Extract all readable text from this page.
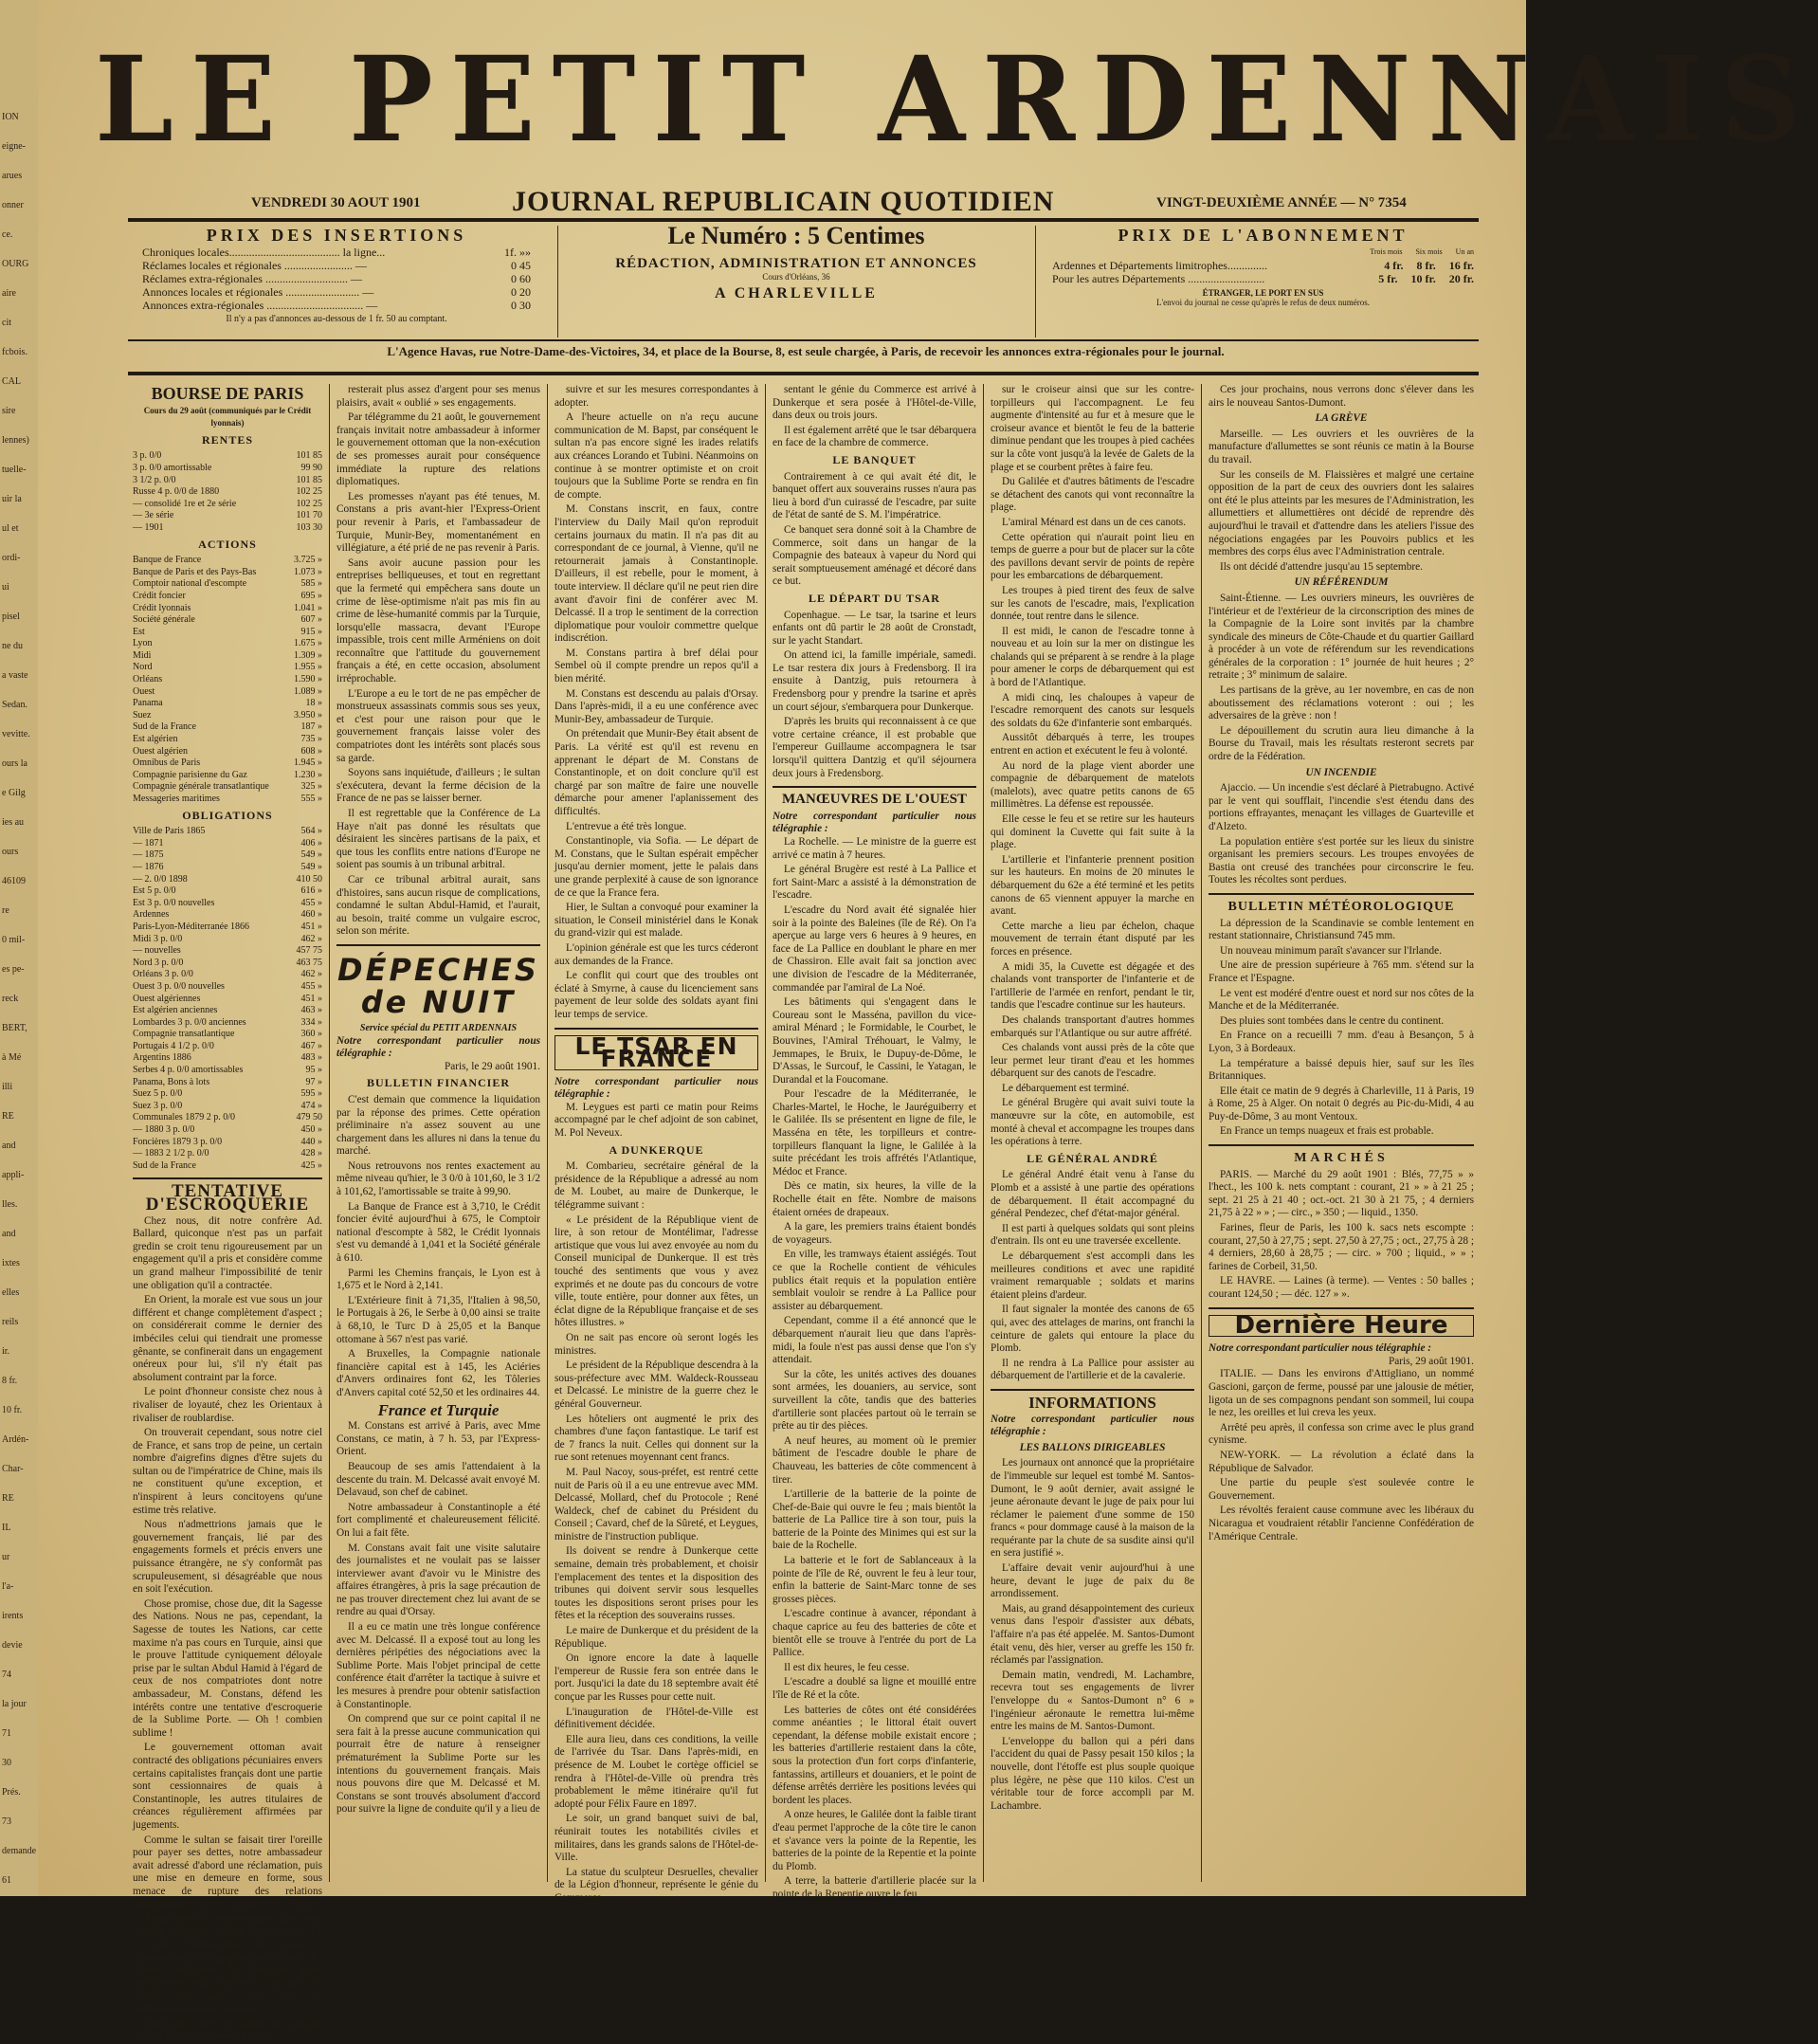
ION
eigne-
arues
onner
ce.
OURG
aire
cit
fcbois.
CAL
sire
lennes)
tuelle-
uir la
ul et
ordi-
ui
pisel
ne du
a vaste
Sedan.
vevitte.
ours la
e Gilg
ies au
ours
46109
re
0 mil-
es pe-
reck
BERT,
à Mé
illi
RE
and
appli-
lles.
and
ixtes
elles
reils
ir.
8 fr.
10 fr.
Ardén-
Char-
RE
IL
ur
l'a-
irents
devie
74
la jour
71
30
Prés.
73
demande
61
LE PETIT ARDENNAIS
VENDREDI 30 AOUT 1901	JOURNAL REPUBLICAIN QUOTIDIEN	VINGT-DEUXIÈME ANNÉE — N° 7354
PRIX DES INSERTIONS
Chroniques locales....................................... la ligne...	1f. »»
Réclames locales et régionales ........................ —	0 45
Réclames extra-régionales ............................. —	0 60
Annonces locales et régionales .......................... —	0 20
Annonces extra-régionales .................................. —	0 30
Il n'y a pas d'annonces au-dessous de 1 fr. 50 au comptant.
Le Numéro : 5 Centimes
RÉDACTION, ADMINISTRATION ET ANNONCES
Cours d'Orléans, 36
A CHARLEVILLE
PRIX DE L'ABONNEMENT
Trois mois Six mois Un an
Ardennes et Départements limitrophes..............	4 fr. 8 fr. 16 fr.
Pour les autres Départements ...........................	5 fr. 10 fr. 20 fr.
ÉTRANGER, LE PORT EN SUS
L'envoi du journal ne cesse qu'après le refus de deux numéros.
L'Agence Havas, rue Notre-Dame-des-Victoires, 34, et place de la Bourse, 8, est seule chargée, à Paris, de recevoir les annonces extra-régionales pour le journal.
BOURSE DE PARIS
Cours du 29 août (communiqués par le Crédit lyonnais)
RENTES
3 p. 0/0	101 85
3 p. 0/0 amortissable	99 90
3 1/2 p. 0/0	101 85
Russe 4 p. 0/0 de 1880	102 25
— consolidé 1re et 2e série	102 25
— 3e série	101 70
— 1901	103 30
ACTIONS
Banque de France	3.725 »
Banque de Paris et des Pays-Bas	1.073 »
Comptoir national d'escompte	585 »
Crédit foncier	695 »
Crédit lyonnais	1.041 »
Société générale	607 »
Est	915 »
Lyon	1.675 »
Midi	1.309 »
Nord	1.955 »
Orléans	1.590 »
Ouest	1.089 »
Panama	18 »
Suez	3.950 »
Sud de la France	187 »
Est algérien	735 »
Ouest algérien	608 »
Omnibus de Paris	1.945 »
Compagnie parisienne du Gaz	1.230 »
Compagnie générale transatlantique	325 »
Messageries maritimes	555 »
OBLIGATIONS
Ville de Paris 1865	564 »
— 1871	406 »
— 1875	549 »
— 1876	549 »
— 2. 0/0 1898	410 50
Est 5 p. 0/0	616 »
Est 3 p. 0/0 nouvelles	455 »
Ardennes	460 »
Paris-Lyon-Méditerranée 1866	451 »
Midi 3 p. 0/0	462 »
— nouvelles	457 75
Nord 3 p. 0/0	463 75
Orléans 3 p. 0/0	462 »
Ouest 3 p. 0/0 nouvelles	455 »
Ouest algériennes	451 »
Est algérien anciennes	463 »
Lombardes 3 p. 0/0 anciennes	334 »
Compagnie transatlantique	360 »
Portugais 4 1/2 p. 0/0	467 »
Argentins 1886	483 »
Serbes 4 p. 0/0 amortissables	95 »
Panama, Bons à lots	97 »
Suez 5 p. 0/0	595 »
Suez 3 p. 0/0	474 »
Communales 1879 2 p. 0/0	479 50
— 1880 3 p. 0/0	450 »
Foncières 1879 3 p. 0/0	440 »
— 1883 2 1/2 p. 0/0	428 »
Sud de la France	425 »
TENTATIVE D'ESCROQUERIE

Chez nous, dit notre confrère Ad. Ballard, quiconque n'est pas un parfait gredin se croit tenu rigoureusement par un engagement qu'il a pris et considère comme un grand malheur l'impossibilité de tenir une obligation qu'il a contractée.

En Orient, la morale est vue sous un jour différent et change complètement d'aspect ; on considérerait comme le dernier des imbéciles celui qui tiendrait une promesse gênante, se confinerait dans un engagement onéreux pour lui, s'il n'y était pas absolument contraint par la force.

Le point d'honneur consiste chez nous à rivaliser de loyauté, chez les Orientaux à rivaliser de roublardise.

On trouverait cependant, sous notre ciel de France, et sans trop de peine, un certain nombre d'aigrefins dignes d'être sujets du sultan ou de l'impératrice de Chine, mais ils ne constituent qu'une exception, et n'inspirent à leurs concitoyens qu'une estime très relative.

Nous n'admettrions jamais que le gouvernement français, lié par des engagements formels et précis envers une puissance étrangère, ne s'y conformât pas scrupuleusement, si désagréable que nous en soit l'exécution.

Chose promise, chose due, dit la Sagesse des Nations. Nous ne pas, cependant, la Sagesse de toutes les Nations, car cette maxime n'a pas cours en Turquie, ainsi que le prouve l'attitude cyniquement déloyale prise par le sultan Abdul Hamid à l'égard de ceux de nos compatriotes dont notre ambassadeur, M. Constans, défend les intérêts contre une tentative d'escroquerie de la Sublime Porte. — Oh ! combien sublime !

Le gouvernement ottoman avait contracté des obligations pécuniaires envers certains capitalistes français dont une partie sont cessionnaires de quais à Constantinople, les autres titulaires de créances régulièrement affirmées par jugements.

Comme le sultan se faisait tirer l'oreille pour payer ses dettes, notre ambassadeur avait adressé d'abord une réclamation, puis une mise en demeure en forme, sous menace de rupture des relations diplomatiques entre la Turquie et la France.

Abdul-Hamid, impressionné par cette attitude énergique, promit de s'exécuter. Le 17 août, l'ambassadeur de France à Constantinople télégraphiait au ministre des affaires étrangères, M. Delcassé, qu'un arrangement était intervenu, tant pour le rachat des quais, que pour le remboursement des créances.

Deux jours après, le sultan ture, pensant que s'il payait ses dettes, il ne lui

resterait plus assez d'argent pour ses menus plaisirs, avait « oublié » ses engagements.

Par télégramme du 21 août, le gouvernement français invitait notre ambassadeur à informer le gouvernement ottoman que la non-exécution de ses promesses aurait pour conséquence immédiate la rupture des relations diplomatiques.

Les promesses n'ayant pas été tenues, M. Constans a pris avant-hier l'Express-Orient pour revenir à Paris, et l'ambassadeur de Turquie, Munir-Bey, momentanément en villégiature, a été prié de ne pas revenir à Paris.

Sans avoir aucune passion pour les entreprises belliqueuses, et tout en regrettant que la fermeté qui empêchera sans doute un crime de lèse-optimisme n'ait pas mis fin au crime de lèse-humanité commis par la Turquie, lorsqu'elle massacra, devant l'Europe impassible, trois cent mille Arméniens on doit reconnaître que l'attitude du gouvernement français a été, en cette occasion, absolument irréprochable.

L'Europe a eu le tort de ne pas empêcher de monstrueux assassinats commis sous ses yeux, et c'est pour une raison pour que le gouvernement français laisse voler des compatriotes dont les intérêts sont placés sous sa garde.

Soyons sans inquiétude, d'ailleurs ; le sultan s'exécutera, devant la ferme décision de la France de ne pas se laisser berner.

Il est regrettable que la Conférence de La Haye n'ait pas donné les résultats que désiraient les sincères partisans de la paix, et que tous les conflits entre nations d'Europe ne soient pas soumis à un tribunal arbitral.

Car ce tribunal arbitral aurait, sans d'histoires, sans aucun risque de complications, condamné le sultan Abdul-Hamid, et l'aurait, au besoin, traité comme un vulgaire escroc, selon son mérite.

DÉPECHES de NUIT
Service spécial du PETIT ARDENNAIS
Notre correspondant particulier nous télégraphie :
Paris, le 29 août 1901.
BULLETIN FINANCIER

C'est demain que commence la liquidation par la réponse des primes. Cette opération préliminaire n'a assez souvent au une chargement dans les allures ni dans la tenue du marché.

Nous retrouvons nos rentes exactement au même niveau qu'hier, le 3 0/0 à 101,60, le 3 1/2 à 101,62, l'amortissable se traite à 99,90.

La Banque de France est à 3,710, le Crédit foncier évité aujourd'hui à 675, le Comptoir national d'escompte à 582, le Crédit lyonnais s'est vu demandé à 1,041 et la Société générale à 610.

Parmi les Chemins français, le Lyon est à 1,675 et le Nord à 2,141.

L'Extérieure finit à 71,35, l'Italien à 98,50, le Portugais à 26, le Serbe à 0,00 ainsi se traite à 68,10, le Turc D à 25,05 et la Banque ottomane à 567 n'est pas varié.

A Bruxelles, la Compagnie nationale financière capital est à 145, les Aciéries d'Anvers ordinaires font 62, les Tôleries d'Anvers capital coté 52,50 et les ordinaires 44.

France et Turquie

M. Constans est arrivé à Paris, avec Mme Constans, ce matin, à 7 h. 53, par l'Express-Orient.

Beaucoup de ses amis l'attendaient à la descente du train. M. Delcassé avait envoyé M. Delavaud, son chef de cabinet.

Notre ambassadeur à Constantinople a été fort complimenté et chaleureusement félicité. On lui a fait fête.

M. Constans avait fait une visite salutaire des journalistes et ne voulait pas se laisser interviewer avant d'avoir vu le Ministre des affaires étrangères, à pris la sage précaution de ne pas trouver directement chez lui avant de se rendre au quai d'Orsay.

Il a eu ce matin une très longue conférence avec M. Delcassé. Il a exposé tout au long les dernières péripéties des négociations avec la Sublime Porte. Mais l'objet principal de cette conférence était d'arrêter la tactique à suivre et les mesures à prendre pour obtenir satisfaction à Constantinople.

On comprend que sur ce point capital il ne sera fait à la presse aucune communication qui pourrait être de nature à renseigner prématurément la Sublime Porte sur les intentions du gouvernement français. Mais nous pouvons dire que M. Delcassé et M. Constans se sont trouvés absolument d'accord pour suivre la ligne de conduite qu'il y a lieu de

suivre et sur les mesures correspondantes à adopter.

A l'heure actuelle on n'a reçu aucune communication de M. Bapst, par conséquent le sultan n'a pas encore signé les irades relatifs aux créances Lorando et Tubini. Néanmoins on continue à se montrer optimiste et on croit toujours que la Sublime Porte se rendra en fin de compte.

M. Constans inscrit, en faux, contre l'interview du Daily Mail qu'on reproduit certains journaux du matin. Il n'a pas dit au correspondant de ce journal, à Vienne, qu'il ne retournerait jamais à Constantinople. D'ailleurs, il est rebelle, pour le moment, à toute interview. Il déclare qu'il ne peut rien dire avant d'avoir fini de conférer avec M. Delcassé. Il a trop le sentiment de la correction diplomatique pour vouloir commettre quelque indiscrétion.

M. Constans partira à bref délai pour Sembel où il compte prendre un repos qu'il a bien mérité.

M. Constans est descendu au palais d'Orsay. Dans l'après-midi, il a eu une conférence avec Munir-Bey, ambassadeur de Turquie.

On prétendait que Munir-Bey était absent de Paris. La vérité est qu'il est revenu en apprenant le départ de M. Constans de Constantinople, et on doit conclure qu'il est chargé par son maître de faire une nouvelle démarche pour amener l'aplanissement des difficultés.

L'entrevue a été très longue.

Constantinople, via Sofia. — Le départ de M. Constans, que le Sultan espérait empêcher jusqu'au dernier moment, jette le palais dans une grande perplexité à cause de son ignorance de ce que la France fera.

Hier, le Sultan a convoqué pour examiner la situation, le Conseil ministériel dans le Konak du grand-vizir qui est malade.

L'opinion générale est que les turcs céderont aux demandes de la France.

Le conflit qui court que des troubles ont éclaté à Smyrne, à cause du licenciement sans payement de leur solde des soldats ayant fini leur temps de service.

LE TSAR EN FRANCE
Notre correspondant particulier nous télégraphie :

M. Leygues est parti ce matin pour Reims accompagné par le chef adjoint de son cabinet, M. Pol Neveux.

A DUNKERQUE

M. Combarieu, secrétaire général de la présidence de la République a adressé au nom de M. Loubet, au maire de Dunkerque, le télégramme suivant :

« Le président de la République vient de lire, à son retour de Montélimar, l'adresse artistique que vous lui avez envoyée au nom du Conseil municipal de Dunkerque. Il est très touché des sentiments que vous y avez exprimés et ne doute pas du concours de votre ville, toute entière, pour donner aux fêtes, un éclat digne de la République française et de ses hôtes illustres. »

On ne sait pas encore où seront logés les ministres.

Le président de la République descendra à la sous-préfecture avec MM. Waldeck-Rousseau et Delcassé. Le ministre de la guerre chez le général Gouverneur.

Les hôteliers ont augmenté le prix des chambres d'une façon fantastique. Le tarif est de 7 francs la nuit. Celles qui donnent sur la rue sont retenues moyennant cent francs.

M. Paul Nacoy, sous-préfet, est rentré cette nuit de Paris où il a eu une entrevue avec MM. Delcassé, Mollard, chef du Protocole ; René Waldeck, chef de cabinet du Président du Conseil ; Cavard, chef de la Sûreté, et Leygues, ministre de l'instruction publique.

Ils doivent se rendre à Dunkerque cette semaine, demain très probablement, et choisir l'emplacement des tentes et la disposition des tribunes qui doivent servir sous lesquelles toutes les dispositions seront prises pour les fêtes et la réception des souverains russes.

Le maire de Dunkerque et du président de la République.

On ignore encore la date à laquelle l'empereur de Russie fera son entrée dans le port. Jusqu'ici la date du 18 septembre avait été conçue par les Russes pour cette nuit.

L'inauguration de l'Hôtel-de-Ville est définitivement décidée.

Elle aura lieu, dans ces conditions, la veille de l'arrivée du Tsar. Dans l'après-midi, en présence de M. Loubet le cortège officiel se rendra à l'Hôtel-de-Ville où prendra très probablement le même itinéraire qu'il fut adopté pour Félix Faure en 1897.

Le soir, un grand banquet suivi de bal, réunirait toutes les notabilités civiles et militaires, dans les grands salons de l'Hôtel-de-Ville.

La statue du sculpteur Desruelles, chevalier de la Légion d'honneur, représente le génie du Commerce

sentant le génie du Commerce est arrivé à Dunkerque et sera posée à l'Hôtel-de-Ville, dans deux ou trois jours.

Il est également arrêté que le tsar débarquera en face de la chambre de commerce.

LE BANQUET

Contrairement à ce qui avait été dit, le banquet offert aux souverains russes n'aura pas lieu à bord d'un cuirassé de l'escadre, par suite de l'état de santé de S. M. l'impératrice.

Ce banquet sera donné soit à la Chambre de Commerce, soit dans un hangar de la Compagnie des bateaux à vapeur du Nord qui serait somptueusement aménagé et décoré dans ce but.

LE DÉPART DU TSAR

Copenhague. — Le tsar, la tsarine et leurs enfants ont dû partir le 28 août de Cronstadt, sur le yacht Standart.

On attend ici, la famille impériale, samedi. Le tsar restera dix jours à Fredensborg. Il ira ensuite à Dantzig, puis retournera à Fredensborg pour y prendre la tsarine et après un court séjour, s'embarquera pour Dunkerque.

D'après les bruits qui reconnaissent à ce que votre certaine créance, il est probable que l'empereur Guillaume accompagnera le tsar lorsqu'il quittera Dantzig et qu'il séjournera deux jours à Fredensborg.

MANŒUVRES DE L'OUEST
Notre correspondant particulier nous télégraphie :

La Rochelle. — Le ministre de la guerre est arrivé ce matin à 7 heures.

Le général Brugère est resté à La Pallice et fort Saint-Marc a assisté à la démonstration de l'escadre.

L'escadre du Nord avait été signalée hier soir à la pointe des Baleines (île de Ré). On l'a aperçue au large vers 6 heures à 9 heures, en face de La Pallice en doublant le phare en mer de Chassiron. Elle avait fait sa jonction avec une division de l'escadre de la Méditerranée, commandée par l'amiral de La Noé.

Les bâtiments qui s'engagent dans le Coureau sont le Masséna, pavillon du vice-amiral Ménard ; le Formidable, le Courbet, le Bouvines, l'Amiral Tréhouart, le Valmy, le Jemmapes, le Bruix, le Dupuy-de-Dôme, le D'Assas, le Surcouf, le Cassini, le Yatagan, le Durandal et la Foucomane.

Pour l'escadre de la Méditerranée, le Charles-Martel, le Hoche, le Jauréguiberry et le Galilée. Ils se présentent en ligne de file, le Masséna en tête, les torpilleurs et contre-torpilleurs flanquant la ligne, le Galilée à la suite précédant les trois affrétés l'Atlantique, Médoc et France.

Dès ce matin, six heures, la ville de la Rochelle était en fête. Nombre de maisons étaient ornées de drapeaux.

A la gare, les premiers trains étaient bondés de voyageurs.

En ville, les tramways étaient assiégés. Tout ce que la Rochelle contient de véhicules publics était requis et la population entière semblait vouloir se rendre à La Pallice pour assister au débarquement.

Cependant, comme il a été annoncé que le débarquement n'aurait lieu que dans l'après-midi, la foule n'est pas aussi dense que l'on s'y attendait.

Sur la côte, les unités actives des douanes sont armées, les douaniers, au service, sont surveillent la côte, tandis que des batteries d'artillerie sont placées partout où le terrain se prête au tir des pièces.

A neuf heures, au moment où le premier bâtiment de l'escadre double le phare de Chauveau, les batteries de côte commencent à tirer.

L'artillerie de la batterie de la pointe de Chef-de-Baie qui ouvre le feu ; mais bientôt la batterie de La Pallice tire à son tour, puis la batterie de la Pointe des Minimes qui est sur la baie de la Rochelle.

La batterie et le fort de Sablanceaux à la pointe de l'île de Ré, ouvrent le feu à leur tour, enfin la batterie de Saint-Marc tonne de ses grosses pièces.

L'escadre continue à avancer, répondant à chaque caprice au feu des batteries de côte et bientôt elle se trouve à l'entrée du port de La Pallice.

Il est dix heures, le feu cesse.

L'escadre a doublé sa ligne et mouillé entre l'île de Ré et la côte.

Les batteries de côtes ont été considérées comme anéanties ; le littoral était ouvert cependant, la défense mobile existait encore ; les batteries d'artillerie restaient dans la côte, sous la protection d'un fort corps d'infanterie, fantassins, artilleurs et douaniers, et le point de défense arrêtés derrière les positions levées qui bordent les places.

A onze heures, le Galilée dont la faible tirant d'eau permet l'approche de la côte tire le canon et s'avance vers la pointe de la Repentie, les batteries de la pointe de la Repentie et la pointe du Plomb.

A terre, la batterie d'artillerie placée sur la pointe de la Repentie ouvre le feu

sur le croiseur ainsi que sur les contre-torpilleurs qui l'accompagnent. Le feu augmente d'intensité au fur et à mesure que le croiseur avance et bientôt le feu de la batterie diminue pendant que les troupes à pied cachées sur la côte vont jusqu'à la levée de Galets de la plage et se courbent prêtes à faire feu.

Du Galilée et d'autres bâtiments de l'escadre se détachent des canots qui vont reconnaître la plage.

L'amiral Ménard est dans un de ces canots.

Cette opération qui n'aurait point lieu en temps de guerre a pour but de placer sur la côte des pavillons devant servir de points de repère pour les embarcations de débarquement.

Les troupes à pied tirent des feux de salve sur les canots de l'escadre, mais, l'explication donnée, tout rentre dans le silence.

Il est midi, le canon de l'escadre tonne à nouveau et au loin sur la mer on distingue les chalands qui se préparent à se rendre à la plage pour amener le corps de débarquement qui est à bord de l'Atlantique.

A midi cinq, les chaloupes à vapeur de l'escadre remorquent des canots sur lesquels des soldats du 62e d'infanterie sont embarqués.

Aussitôt débarqués à terre, les troupes entrent en action et exécutent le feu à volonté.

Au nord de la plage vient aborder une compagnie de débarquement de matelots (malelots), avec quatre petits canons de 65 millimètres. La défense est repoussée.

Elle cesse le feu et se retire sur les hauteurs qui dominent la Cuvette qui fait suite à la plage.

L'artillerie et l'infanterie prennent position sur les hauteurs. En moins de 20 minutes le débarquement du 62e a été terminé et les petits canons de 65 viennent appuyer la marche en avant.

Cette marche a lieu par échelon, chaque mouvement de terrain étant disputé par les forces en présence.

A midi 35, la Cuvette est dégagée et des chalands vont transporter de l'infanterie et de l'artillerie de l'armée en renfort, pendant le tir, tandis que l'escadre continue sur les hauteurs.

Des chalands transportant d'autres hommes embarqués sur l'Atlantique ou sur autre affrété.

Ces chalands vont aussi près de la côte que leur permet leur tirant d'eau et les hommes débarquent sur des canots de l'escadre.

Le débarquement est terminé.

Le général Brugère qui avait suivi toute la manœuvre sur la côte, en automobile, est monté à cheval et accompagne les troupes dans les opérations à terre.

LE GÉNÉRAL ANDRÉ

Le général André était venu à l'anse du Plomb et a assisté à une partie des opérations de débarquement. Il était accompagné du général Pendezec, chef d'état-major général.

Il est parti à quelques soldats qui sont pleins d'entrain. Ils ont eu une traversée excellente.

Le débarquement s'est accompli dans les meilleures conditions et avec une rapidité vraiment remarquable ; soldats et marins étaient pleins d'ardeur.

Il faut signaler la montée des canons de 65 qui, avec des attelages de marins, ont franchi la ceinture de galets qui entoure la place du Plomb.

Il ne rendra à La Pallice pour assister au débarquement de l'artillerie et de la cavalerie.

INFORMATIONS
Notre correspondant particulier nous télégraphie :
LES BALLONS DIRIGEABLES

Les journaux ont annoncé que la propriétaire de l'immeuble sur lequel est tombé M. Santos-Dumont, le 9 août dernier, avait assigné le jeune aéronaute devant le juge de paix pour lui réclamer le paiement d'une somme de 150 francs « pour dommage causé à la maison de la requérante par la chute de sa susdite ainsi qu'il en sera justifié ».

L'affaire devait venir aujourd'hui à une heure, devant le juge de paix du 8e arrondissement.

Mais, au grand désappointement des curieux venus dans l'espoir d'assister aux débats, l'affaire n'a pas été appelée. M. Santos-Dumont était venu, dès hier, verser au greffe les 150 fr. réclamés par l'assignation.

Demain matin, vendredi, M. Lachambre, recevra tout ses engagements de livrer l'enveloppe du « Santos-Dumont n° 6 » l'ingénieur aéronaute le remettra lui-même entre les mains de M. Santos-Dumont.

L'enveloppe du ballon qui a péri dans l'accident du quai de Passy pesait 150 kilos ; la nouvelle, dont l'étoffe est plus souple quoique plus légère, ne pèse que 110 kilos. C'est un véritable tour de force accompli par M. Lachambre.

Ces jour prochains, nous verrons donc s'élever dans les airs le nouveau Santos-Dumont.

LA GRÈVE

Marseille. — Les ouvriers et les ouvrières de la manufacture d'allumettes se sont réunis ce matin à la Bourse du travail.

Sur les conseils de M. Flaissières et malgré une certaine opposition de la part de ceux des ouvriers dont les salaires ont été le plus atteints par les mesures de l'Administration, les allumettiers et allumettières ont décidé de reprendre dès aujourd'hui le travail et d'attendre dans les ateliers l'issue des négociations engagées par les Pouvoirs publics et les membres des corps élus avec l'Administration centrale.

Ils ont décidé d'attendre jusqu'au 15 septembre.

UN RÉFÉRENDUM

Saint-Étienne. — Les ouvriers mineurs, les ouvrières de l'intérieur et de l'extérieur de la circonscription des mines de la Compagnie de la Loire sont invités par la chambre syndicale des mineurs de Côte-Chaude et du quartier Gaillard à procéder à un vote de référendum sur les revendications générales de la corporation : 1° journée de huit heures ; 2° retraite ; 3° minimum de salaire.

Les partisans de la grève, au 1er novembre, en cas de non aboutissement des réclamations voteront : oui ; les adversaires de la grève : non !

Le dépouillement du scrutin aura lieu dimanche à la Bourse du Travail, mais les résultats resteront secrets par ordre de la Fédération.

UN INCENDIE

Ajaccio. — Un incendie s'est déclaré à Pietrabugno. Activé par le vent qui soufflait, l'incendie s'est étendu dans des portions effrayantes, menaçant les villages de Guarteville et d'Alzeto.

La population entière s'est portée sur les lieux du sinistre organisant les premiers secours. Les troupes envoyées de Bastia ont creusé des tranchées pour circonscrire le feu. Toutes les récoltes sont perdues.

BULLETIN MÉTÉOROLOGIQUE

La dépression de la Scandinavie se comble lentement en restant stationnaire, Christiansund 745 mm.

Un nouveau minimum paraît s'avancer sur l'Irlande.

Une aire de pression supérieure à 765 mm. s'étend sur la France et l'Espagne.

Le vent est modéré d'entre ouest et nord sur nos côtes de la Manche et de la Méditerranée.

Des pluies sont tombées dans le centre du continent.

En France on a recueilli 7 mm. d'eau à Besançon, 5 à Lyon, 3 à Bordeaux.

La température a baissé depuis hier, sauf sur les îles Britanniques.

Elle était ce matin de 9 degrés à Charleville, 11 à Paris, 19 à Rome, 25 à Alger. On notait 0 degrés au Pic-du-Midi, 4 au Puy-de-Dôme, 3 au mont Ventoux.

En France un temps nuageux et frais est probable.

MARCHÉS

PARIS. — Marché du 29 août 1901 : Blés, 77,75 » » l'hect., les 100 k. nets comptant : courant, 21 » » à 21 25 ; sept. 21 25 à 21 40 ; oct.-oct. 21 30 à 21 75, ; 4 derniers 21,75 à 22 » » ; — circ., » 350 ; — liquid., 1350.

Farines, fleur de Paris, les 100 k. sacs nets escompte : courant, 27,50 à 27,75 ; sept. 27,50 à 27,75 ; oct., 27,75 à 28 ; 4 derniers, 28,60 à 28,75 ; — circ. » 700 ; liquid., » » ; farines de Corbeil, 31,50.

LE HAVRE. — Laines (à terme). — Ventes : 50 balles ; courant 124,50 ; — déc. 127 » ».

Dernière Heure
Notre correspondant particulier nous télégraphie :
Paris, 29 août 1901.

ITALIE. — Dans les environs d'Attigliano, un nommé Gascioni, garçon de ferme, poussé par une jalousie de métier, ligota un de ses compagnons pendant son sommeil, lui coupa le nez, les oreilles et lui creva les yeux.

Arrêté peu après, il confessa son crime avec le plus grand cynisme.

NEW-YORK. — La révolution a éclaté dans la République de Salvador.

Une partie du peuple s'est soulevée contre le Gouvernement.

Les révoltés feraient cause commune avec les libéraux du Nicaragua et voudraient rétablir l'ancienne Confédération de l'Amérique Centrale.
